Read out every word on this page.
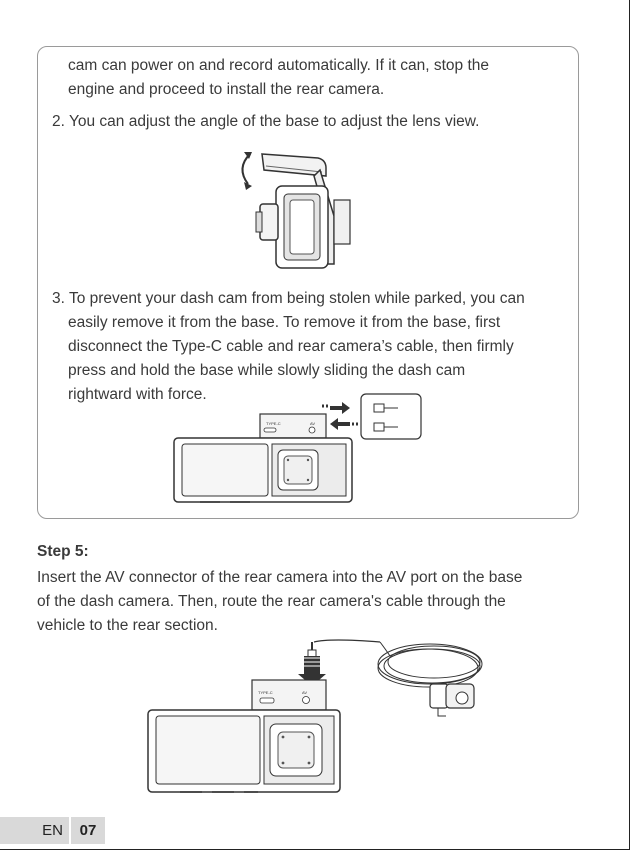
cam can power on and record automatically. If it can, stop the
engine and proceed to install the rear camera.
2. You can adjust the angle of the base to adjust the lens view.
3. To prevent your dash cam from being stolen while parked, you can
easily remove it from the base. To remove it from the base, first
disconnect the Type-C cable and rear camera’s cable, then firmly
press and hold the base while slowly sliding the dash cam
rightward with force.
TYPE-C	AV
Step 5:
Insert the AV connector of the rear camera into the AV port on the base
of the dash camera. Then, route the rear camera's cable through the
vehicle to the rear section.
TYPE-C	AV
EN	07
